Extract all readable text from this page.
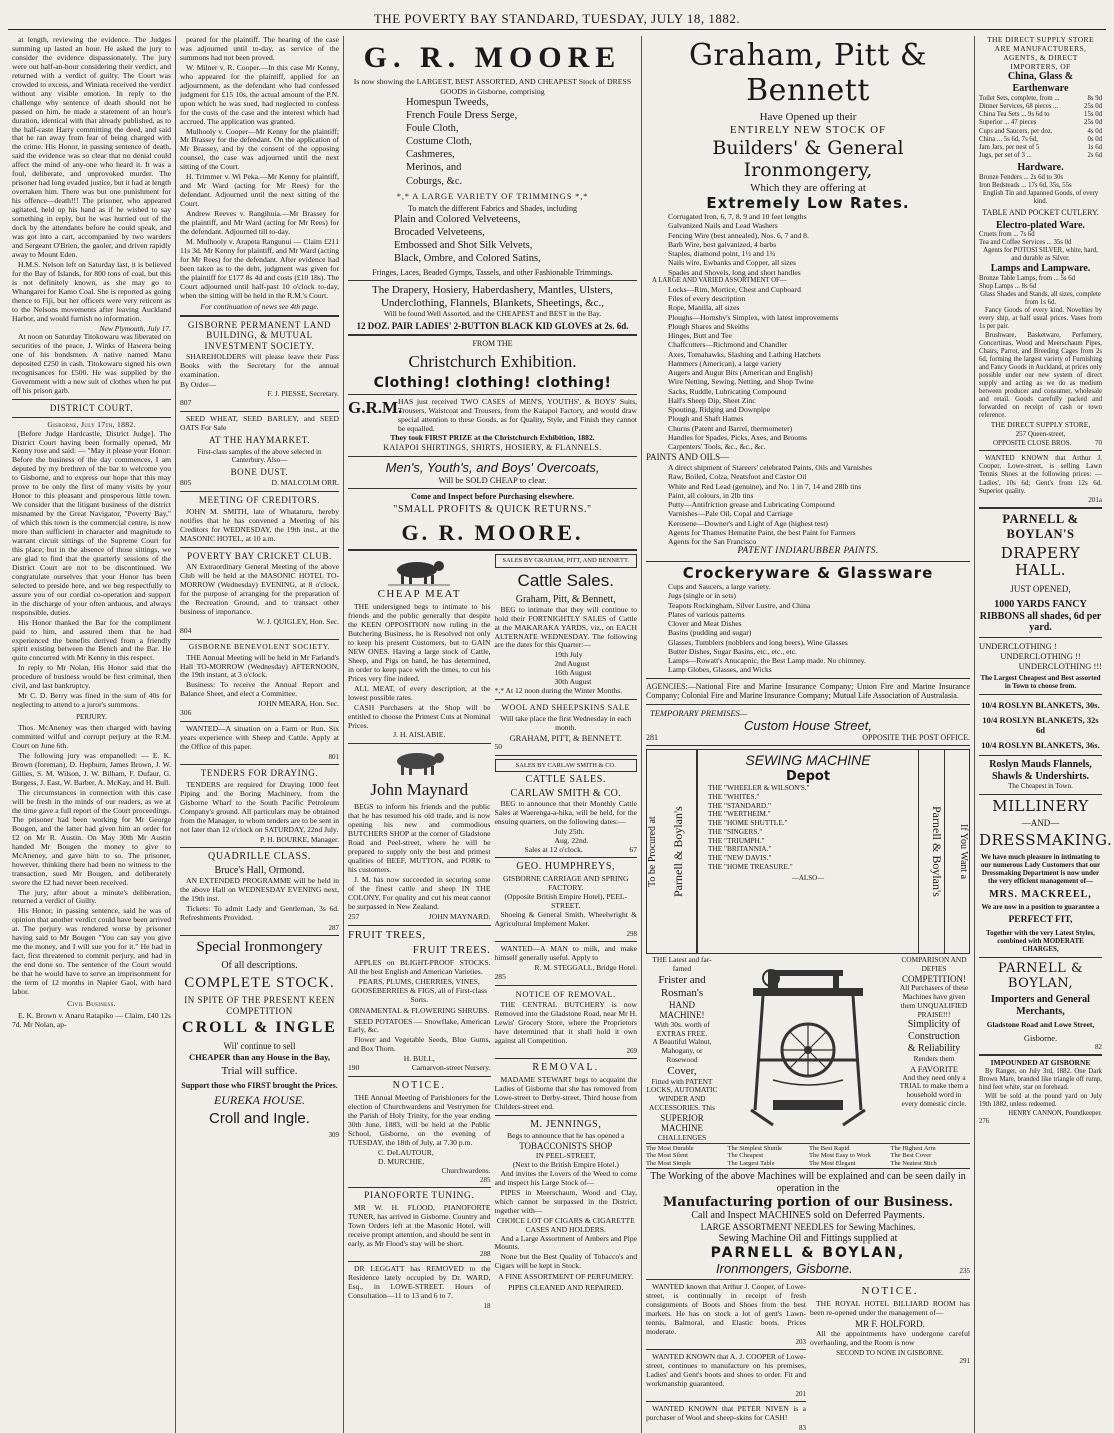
THE POVERTY BAY STANDARD, TUESDAY, JULY 18, 1882.

at length, reviewing the evidence. The Judges summing up lasted an hour. He asked the jury to consider the evidence dispassionately. The jury were out half-an-hour considering their verdict, and returned with a verdict of guilty. The Court was crowded to excess, and Winiata received the verdict without any visible emotion. In reply to the challenge why sentence of death should not be passed on him, he made a statement of an hour's duration, identical with that already published, as to the half-caste Harry committing the deed, and said that he ran away from fear of being charged with the crime. His Honor, in passing sentence of death, said the evidence was so clear that no denial could affect the mind of any-one who heard it. It was a foul, deliberate, and unprovoked murder. The prisoner had long evaded justice, but it had at length overtaken him. There was but one punishment for his offence—death!!! The prisoner, who appeared agitated, held up his hand as if he wished to say something in reply, but he was hurried out of the dock by the attendants before he could speak, and was got into a cart, accompanied by two warders and Sergeant O'Brien, the gaoler, and driven rapidly away to Mount Eden.

H.M.S. Nelson left on Saturday last, it is believed for the Bay of Islands, for 800 tons of coal, but this is not definitely known, as she may go to Whangarei for Kamo Coal. She is reported as going thence to Fiji, but her officers were very reticent as to the Nelsons movements after leaving Auckland Harbor, and would furnish no information.

New Plymouth, July 17.

At noon on Saturday Titokowaru was liberated on securities of the peace, J. Winks of Hawera being one of his bondsmen. A native named Manu deposited £250 in cash. Titokowaru signed his own recognisances for £500. He was supplied by the Government with a new suit of clothes when he put off his prison garb.

DISTRICT COURT.
Gisborne, July 17th, 1882.

[Before Judge Hardcastle, District Judge]. The District Court having been formally opened, Mr Kenny rose and said: — "May it please your Honor: Before the business of the day commences, I am deputed by my brethren of the bar to welcome you to Gisborne, and to express our hope that this may prove to be only the first of many visits by your Honor to this pleasant and prosperous little town. We consider that the litigant business of the district misnamed by the Great Navigator, "Poverty Bay," of which this town is the commercial centre, is now more than sufficient in character and magnitude to warrant circuit sittings of the Supreme Court for this place; but in the absence of those sittings, we are glad to find that the quarterly sessions of the District Court are not to be discontinued. We congratulate ourselves that your Honor has been selected to preside here, and we beg respectfully to assure you of our cordial co-operation and support in the discharge of your often arduous, and always responsible, duties.

His Honor thanked the Bar for the compliment paid to him, and assured them that he had experienced the benefits derived from a friendly spirit existing between the Bench and the Bar. He quite concurred with Mr Kenny in this respect.

In reply to Mr Nolan, His Honor said that the procedure of business would be first criminal, then civil, and last bankruptcy.

Mr C. D. Berry was fined in the sum of 40s for neglecting to attend to a juror's summons.

PERJURY.

Thos. McAneney was then charged with having committed wilful and corrupt perjury at the R.M. Court on June 6th.

The following jury was empanelled: — E. K. Brown (foreman), D. Hepburn, James Brown, J. W. Gillies, S. M. Wilson, J. W. Bilham, F. Dufaur, G. Burgess, J. East, W. Barber, A. McKay, and H. Bull.

The circumstances in connection with this case will be fresh in the minds of our readers, as we at the time gave a full report of the Court proceedings. The prisoner had been working for Mr George Bougen, and the latter had given him an order for £2 on Mr R. Austin. On May 30th Mr Austin handed Mr Bougen the money to give to McAneney, and gave him to so. The prisoner, however, thinking there had been no witness to the transaction, sued Mr Bougen, and deliberately swore the £2 had never been received.

The jury, after about a minute's deliberation, returned a verdict of Guilty.

His Honor, in passing sentence, said he was of opinion that another verdict could have been arrived at. The perjury was rendered worse by prisoner having said to Mr Bougen "You can say you give me the money, and I will sue you for it." He had in fact, first threatened to commit perjury, and had in the end done so. The sentence of the Court would be that he would have to serve an imprisonment for the term of 12 months in Napier Gaol, with hard labor.

Civil Business.

E. K. Brown v. Anaru Ratapiko — Claim, £40 12s 7d. Mr Nolan, ap-

peared for the plaintiff. The hearing of the case was adjourned until to-day, as service of the summons had not been proved.

W. Milner v. R. Cooper.—In this case Mr Kenny, who appeared for the plaintiff, applied for an adjournment, as the defendant who had confessed judgment for £15 10s, the actual amount of the P.N. upon which he was sued, had neglected to confess for the costs of the case and the interest which had accrued. The application was granted.

Mulhooly v. Cooper—Mr Kenny for the plaintiff; Mr Brassey for the defendant. On the application of Mr Brassey, and by the consent of the opposing counsel, the case was adjourned until the next sitting of the Court.

H. Trimmer v. Wi Peka.—Mr Kenny for plaintiff, and Mr Ward (acting for Mr Rees) for the defendant. Adjourned until the next sitting of the Court.

Andrew Reeves v. Rangihuia.—Mr Brassey for the plaintiff, and Mr Ward (acting for Mr Rees) for the defendant. Adjourned till to-day.

M. Mulhooly v. Arapeta Rangunui — Claim £211 11s 3d. Mr Kenny for plaintiff, and Mr Ward (acting for Mr Rees) for the defendant. After evidence had been taken as to the debt, judgment was given for the plaintiff for £177 8s 4d and costs (£10 18s). The Court adjourned until half-past 10 o'clock to-day, when the sitting will be held in the R.M.'s Court.

For continuation of news see 4th page.
GISBORNE PERMANENT LAND BUILDING, & MUTUAL INVESTMENT SOCIETY.

SHAREHOLDERS will please leave their Pass Books with the Secretary for the annual examination.

By Order—
F. J. PIESSE, Secretary.
807

SEED WHEAT, SEED BARLEY, and SEED OATS For Sale

AT THE HAYMARKET.
First-class samples of the above selected in Canterbury. Also—
BONE DUST.
805	D. MALCOLM ORR.
MEETING OF CREDITORS.

JOHN M. SMITH, late of Whataturu, hereby notifies that he has convened a Meeting of his Creditors for WEDNESDAY, the 19th inst., at the MASONIC HOTEL, at 10 a.m.

POVERTY BAY CRICKET CLUB.

AN Extraordinary General Meeting of the above Club will be held at the MASONIC HOTEL TO-MORROW (Wednesday) EVENING, at 8 o'clock, for the purpose of arranging for the preparation of the Recreation Ground, and to transact other business of importance.

W. J. QUIGLEY, Hon. Sec.
804
GISBORNE BENEVOLENT SOCIETY.

THE Annual Meeting will be held in Mr Farland's Hall TO-MORROW (Wednesday) AFTERNOON, the 19th instant, at 3 o'clock.

Business: To receive the Annual Report and Balance Sheet, and elect a Committee.

JOHN MEARA, Hon. Sec.
306

WANTED—A situation on a Farm or Run. Six years experience with Sheep and Cattle. Apply at the Office of this paper.

801
TENDERS FOR DRAYING.

TENDERS are required for Draying 1000 feet Piping and the Boring Machinery, from the Gisborne Wharf to the South Pacific Petroleum Company's ground. All particulars may be obtained from the Manager, to whom tenders are to be sent in not later than 12 o'clock on SATURDAY, 22nd July.

P. H. BOURKE, Manager.
QUADRILLE CLASS.
Bruce's Hall, Ormond.

AN EXTENDED PROGRAMME will be held in the above Hall on WEDNESDAY EVENING next, the 19th inst.

Tickets: To admit Lady and Gentleman, 3s 6d. Refreshments Provided.

287
Special Ironmongery
Of all descriptions.
COMPLETE STOCK.
IN SPITE OF THE PRESENT KEEN COMPETITION
CROLL & INGLE
Wil' continue to sell
CHEAPER than any House in the Bay,
Trial will suffice.
Support those who FIRST brought the Prices.
EUREKA HOUSE.
Croll and Ingle.
309
G. R. MOORE
Is now showing the LARGEST, BEST ASSORTED, AND CHEAPEST Stock of DRESS GOODS in Gisborne, comprising
Homespun Tweeds,
French Foule Dress Serge,
Foule Cloth,
Costume Cloth,
Cashmeres,
Merinos, and
Coburgs, &c.
*,* A LARGE VARIETY OF TRIMMINGS *,*
To match the different Fabrics and Shades, including
Plain and Colored Velveteens,
Brocaded Velveteens,
Embossed and Shot Silk Velvets,
Black, Ombre, and Colored Satins,
Fringes, Laces, Beaded Gymps, Tassels, and other Fashionable Trimmings.
The Drapery, Hosiery, Haberdashery, Mantles, Ulsters, Underclothing, Flannels, Blankets, Sheetings, &c.,
Will be found Well Assorted, and the CHEAPEST and BEST in the Bay.
12 DOZ. PAIR LADIES' 2-BUTTON BLACK KID GLOVES at 2s. 6d.
FROM THE
Christchurch Exhibition.
Clothing! clothing! clothing!
G.R.M.
HAS just received TWO CASES of MEN'S, YOUTHS', & BOYS' Suits, Trousers, Waistcoat and Trousers, from the Kaiapoi Factory, and would draw special attention to these Goods, as for Quality, Style, and Finish they cannot be equalled.
They took FIRST PRIZE at the Christchurch Exhibition, 1882.
KAIAPOI SHIRTINGS, SHIRTS, HOSIERY, & FLANNELS.
Men's, Youth's, and Boys' Overcoats,
Will be SOLD CHEAP to clear.
Come and Inspect before Purchasing elsewhere.
"SMALL PROFITS & QUICK RETURNS."
G. R. MOORE.
CHEAP MEAT

THE undersigned begs to intimate to his friends and the public generally that despite the KEEN OPPOSITION now ruling in the Butchering Business, he is Resolved not only to keep his present Customers, but to GAIN NEW ONES. Having a large stock of Cattle, Sheep, and Pigs on hand, he has determined, in order to keep pace with the times, to cut his Prices very fine indeed.

ALL MEAT, of every description, at the lowest possible rates.

CASH Purchasers at the Shop will be entitled to choose the Primest Cuts at Nominal Prices.

J. H. AISLABIE.
John Maynard

BEGS to inform his friends and the public that he has resumed his old trade, and is now opening his new and commodious BUTCHERS SHOP at the corner of Gladstone Road and Peel-street, where he will be prepared to supply only the best and primest qualities of BEEF, MUTTON, and PORK to his customers.

J. M. has now succeeded in securing some of the finest cattle and sheep IN THE COLONY. For quality and cut his meat cannot be surpassed in New Zealand.

257	JOHN MAYNARD.
FRUIT TREES,
FRUIT TREES.

APPLES on BLIGHT-PROOF STOCKS. All the best English and American Varieties.

PEARS, PLUMS, CHERRIES, VINES, GOOSEBERRIES & FIGS, all of First-class Sorts.
ORNAMENTAL & FLOWERING SHRUBS.

SEED POTATOES — Snowflake, American Early, &c.

Flower and Vegetable Seeds, Blue Gums, and Box Thorn.

H. BULL,
190	Carnarvon-street Nursery.
NOTICE.

THE Annual Meeting of Parishioners for the election of Churchwardens and Vestrymen for the Parish of Holy Trinity, for the year ending 30th June, 1883, will be held at the Public School, Gisborne, on the evening of TUESDAY, the 18th of July, at 7.30 p.m.

C. DeLAUTOUR,
D. MURCHIE,
Churchwardens.
285
PIANOFORTE TUNING.

MR W. H. FLOOD, PIANOFORTE TUNER, has arrived in Gisborne. Country and Town Orders left at the Masonic Hotel, will receive prompt attention, and should be sent in early, as Mr Flood's stay will be short.

288

DR LEGGATT has REMOVED to the Residence lately occupied by Dr. WARD, Esq., in LOWE-STREET. Hours of Consultation—11 to 13 and 6 to 7.

18
SALES BY GRAHAM, PITT, AND BENNETT.
Cattle Sales.
Graham, Pitt, & Bennett,

BEG to intimate that they will continue to hold their FORTNIGHTLY SALES of Cattle at the MAKARAKA YARDS, viz., on EACH ALTERNATE WEDNESDAY. The following are the dates for this Quarter:—

19th July
2nd August
16th August
30th August
*,* At 12 noon during the Winter Months.
WOOL AND SHEEPSKINS SALE
Will take place the first Wednesday in each month.
GRAHAM, PITT, & BENNETT.
50
SALES BY CARLAW SMITH & CO.
CATTLE SALES.
CARLAW SMITH & CO.

BEG to announce that their Monthly Cattle Sales at Waerenga-a-hika, will be held, for the ensuing quarters, on the following dates:—

July 25th.
Aug. 22nd.
Sales at 12 o'clock.	67
GEO. HUMPHREYS,
GISBORNE CARRIAGE AND SPRING FACTORY.
(Opposite British Empire Hotel), PEEL-STREET.

Shoeing & General Smith, Wheelwright & Agricultural Implement Maker.

298

WANTED—A MAN to milk, and make himself generally useful. Apply to

R. M. STEGGALL, Bridge Hotel.
285
NOTICE OF REMOVAL.

THE CENTRAL BUTCHERY is now Removed into the Gladstone Road, near Mr H. Lewis' Grocery Store, where the Proprietors have determined that it shall hold it own against all Competition.

269
REMOVAL.

MADAME STEWART begs to acquaint the Ladies of Gisborne that she has removed from Lowe-street to Derby-street, Third house from Childers-street end.

M. JENNINGS,
Begs to announce that he has opened a
TOBACCONISTS SHOP
IN PEEL-STREET,
(Next to the British Empire Hotel.)

And invites the Lovers of the Weed to come and inspect his Large Stock of—

PIPES in Meerschaum, Wood and Clay, which cannot be surpassed in the District, together with—

CHOICE LOT OF CIGARS & CIGARETTE CASES AND HOLDERS.

And a Large Assortment of Ambers and Pipe Mounts.

None but the Best Quality of Tobacco's and Cigars will be kept in Stock.

A FINE ASSORTMENT OF PERFUMERY.
PIPES CLEANED AND REPAIRED.
Graham, Pitt & Bennett
Have Opened up their
ENTIRELY NEW STOCK OF
Builders' & General Ironmongery,
Which they are offering at
Extremely Low Rates.
Corrugated Iron, 6, 7, 8, 9 and 10 feet lengths
Galvanized Nails and Lead Washers
Fencing Wire (best annealed), Nos. 6, 7 and 8.
Barb Wire, best galvanized, 4 barbs
Staples, diamond point, 1½ and 1¾
Nails wire, Ewbanks and Copper, all sizes
Spades and Shovels, long and short handles
A LARGE AND VARIED ASSORTMENT OF—
Locks—Rim, Mortice, Chest and Cupboard
Files of every description
Rope, Manilla, all sizes
Ploughs—Hornsby's Simplex, with latest improvements
Plough Shares and Skeiths
Hinges, Butt and Tee
Chaffcutters—Richmond and Chandler
Axes, Tomahawks, Slashing and Lathing Hatchets
Hammers (American), a large variety
Augers and Augur Bits (American and English)
Wire Netting, Sewing, Netting, and Shop Twine
Sacks, Ruddle, Lubricating Compound
Hall's Sheep Dip, Sheet Zinc
Spouting, Ridging and Downpipe
Plough and Shaft Hames
Churns (Patent and Barrel, thermometer)
Handles for Spades, Picks, Axes, and Brooms
Carpenters' Tools, &c., &c., &c.
PAINTS AND OILS—
A direct shipment of Stareers' celebrated Paints, Oils and Varnishes
Raw, Boiled, Colza, Neatsfoot and Castor Oil
White and Red Lead (genuine), and No. 1 in 7, 14 and 28lb tins
Paint, all colours, in 2lb tins
Putty—Antifriction grease and Lubricating Compound
Varnishes—Pale Oil, Copal and Carriage
Kerosene—Downer's and Light of Age (highest test)
Agents for Thames Hematite Paint, the best Paint for Farmers
Agents for the San Francisco
PATENT INDIARUBBER PAINTS.
Crockeryware & Glassware
Cups and Saucers, a large variety.
Jugs (single or in sets)
Teapots Rockingham, Silver Lustre, and China
Plates of various patterns
Clover and Meat Dishes
Basins (pudding and sugar)
Glasses, Tumblers (nobblers and long beers), Wine Glasses
Butter Dishes, Sugar Basins, etc., etc., etc.
Lamps—Rowatt's Anucapnic, the Best Lamp made. No chimney.
Lamp Globes, Glasses, and Wicks
AGENCIES:—National Fire and Marine Insurance Company; Union Fire and Marine Insurance Company; Colonial Fire and Marine Insurance Company; Mutual Life Association of Australasia.
TEMPORARY PREMISES—
Custom House Street,
281	OPPOSITE THE POST OFFICE.
To be Procured at	Parnell & Boylan's
SEWING MACHINE
Depot
THE "WHEELER & WILSON'S."
THE "WHITES."
THE "STANDARD."
THE "WERTHEIM."
THE "HOME SHUTTLE."
THE "SINGERS."
THE "TRIUMPH."
THE "BRITANNIA."
THE "NEW DAVIS."
THE "HOME TREASURE."
—ALSO—	Parnell & Boylan's	If You Want a
THE Latest and far-famed
Frister and
Rosman's
HAND MACHINE!
With 30s. worth of EXTRAS FREE.
A Beautiful Walnut, Mahogany, or Rosewood
Cover,
Fitted with PATENT LOCKS, AUTOMATIC WINDER AND ACCESSORIES. This
SUPERIOR MACHINE
CHALLENGES
COMPARISON AND DEFIES
COMPETITION!
All Purchasers of these Machines have given them UNQUALIFIED PRAISE!!!
Simplicity of
Construction
& Reliability
Renders them
A FAVORITE
And they need only a TRIAL to make them a household word in every domestic circle.
The Most Durable	The Simplest Shuttle	The Best Rapid	The Highest Arm
The Most Silent	The Cheapest	The Most Easy to Work	The Best Cover
The Most Simple	The Largest Table	The Most Elegant	The Neatest Stich
The Working of the above Machines will be explained and can be seen daily in operation in the
Manufacturing portion of our Business.
Call and Inspect MACHINES sold on Deferred Payments.
LARGE ASSORTMENT NEEDLES for Sewing Machines.
Sewing Machine Oil and Fittings supplied at
PARNELL & BOYLAN,
Ironmongers, Gisborne.	235

WANTED known that Arthur J. Cooper, of Lowe-street, is continually in receipt of fresh consignments of Boots and Shoes from the best markets. He has on stock a lot of gent's Lawn-tennis, Balmoral, and Elastic boots. Prices moderate.

203

WANTED KNOWN that A. J. COOPER of Lowe-street, continues to manufacture on his premises, Ladies' and Gent's boots and shoes to order. Fit and workmanship guaranteed.

201

WANTED KNOWN that PETER NIVEN is a purchaser of Wool and sheep-skins for CASH!

83
NOTICE.

THE ROYAL HOTEL BILLIARD ROOM has been re-opened under the management of—

MR F. HOLFORD.

All the appointments have undergone careful overhauling, and the Room is now

SECOND TO NONE IN GISBORNE.
291
THE DIRECT SUPPLY STORE ARE MANUFACTURERS, AGENTS, & DIRECT IMPORTERS, OF
China, Glass & Earthenware
Toilet Sets, complete, from ...	8s 9d
Dinner Services, 68 pieces ...	25s 0d
China Tea Sets ... 9s 6d to	15s 0d
Superior ... 47 pieces	25s 0d
Cups and Saucers, per doz.	4s 0d
China ... 5s 6d, 7s 6d,	0s 0d
Jam Jars, per nest of 5	1s 6d
Jugs, per set of 3 ...	2s 6d
Hardware.
Bronze Fenders ... 2s 6d to 30s
Iron Bedsteads ... 17s 6d, 35s, 55s
English Tin and Japanned Goods, of every kind.
TABLE AND POCKET CUTLERY.
Electro-plated Ware.
Cruets from ... 7s 6d
Tea and Coffee Services ... 35s 0d
Agents for POTOSI SILVER, white, hard, and durable as Silver.
Lamps and Lampware.
Bronze Table Lamps, from ... 5s 6d
Shop Lamps ... 8s 6d
Glass Shades and Stands, all sizes, complete from 1s 6d.

Fancy Goods of every kind. Novelties by every ship, at half usual prices. Vases from 1s per pair.

Brushware, Basketware, Perfumery, Concertinas, Wood and Meerschaum Pipes, Chairs, Parrot, and Breeding Cages from 2s 6d, forming the largest variety of Furnishing and Fancy Goods in Auckland, at prices only possible under our new system of direct supply and acting as we do as medium between producer and consumer, wholesale and retail. Goods carefully packed and forwarded on receipt of cash or town reference.

THE DIRECT SUPPLY STORE,
257 Queen-street,
OPPOSITE CLOSE BROS.	70

WANTED KNOWN that Arthur J. Cooper, Lowe-street, is selling Lawn Tennis Shoes at the following prices: — Ladies', 10s 6d; Gent's from 12s 6d. Superior quality.

201a
PARNELL & BOYLAN'S
DRAPERY HALL.
JUST OPENED,
1000 YARDS FANCY RIBBONS all shades, 6d per yard.
UNDERCLOTHING !
UNDERCLOTHING !!
UNDERCLOTHING !!!
The Largest Cheapest and Best assorted in Town to choose from.
10/4 ROSLYN BLANKETS, 30s.
10/4 ROSLYN BLANKETS, 32s 6d
10/4 ROSLYN BLANKETS, 36s.
Roslyn Mauds Flannels, Shawls & Undershirts.
The Cheapest in Town.
MILLINERY
—AND—
DRESSMAKING.
We have much pleasure in intimating to our numerous Lady Customers that our Dressmaking Department is now under the very efficient management of—
MRS. MACKREEL,
We are now in a position to guarantee a
PERFECT FIT,
Together with the very Latest Styles, combined with MODERATE CHARGES,
PARNELL & BOYLAN,
Importers and General Merchants,
Gladstone Road and Lowe Street,
Gisborne.
82
IMPOUNDED AT GISBORNE

By Ranger, on July 3rd, 1882. One Dark Brown Mare, branded like triangle off rump, hind feet white, star on forehead.

Will be sold at the pound yard on July 19th 1882, unless redeemed.

HENRY CANNON, Poundkeeper.
276
